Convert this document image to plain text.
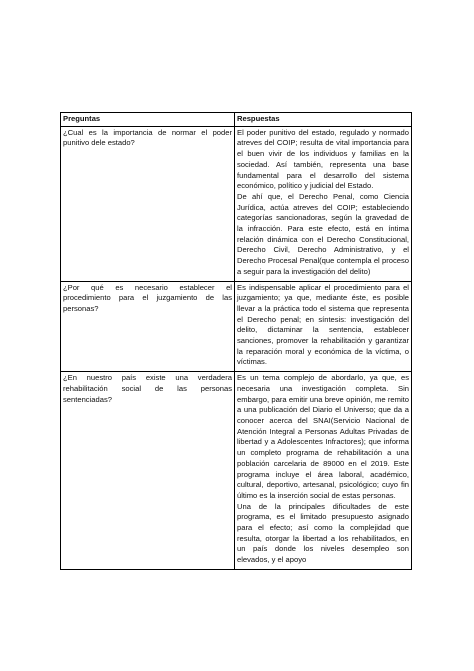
Preguntas	Respuestas
¿Cual es la importancia de normar el poder punitivo dele estado?	El poder punitivo del estado, regulado y normado atreves del COIP; resulta de vital importancia para el buen vivir de los individuos y familias en la sociedad. Así también, representa una base fundamental para el desarrollo del sistema económico, político y judicial del Estado.
De ahí que, el Derecho Penal, como Ciencia Jurídica, actúa atreves del COIP; estableciendo categorías sancionadoras, según la gravedad de la infracción. Para este efecto, está en íntima relación dinámica con el Derecho Constitucional, Derecho Civil, Derecho Administrativo, y el Derecho Procesal Penal(que contempla el proceso a seguir para la investigación del delito)

¿Por qué es necesario establecer el procedimiento para el juzgamiento de las personas?	Es indispensable aplicar el procedimiento para el juzgamiento; ya que, mediante éste, es posible llevar a la práctica todo el sistema que representa el Derecho penal; en síntesis: investigación del delito, dictaminar la sentencia, establecer sanciones, promover la rehabilitación y garantizar la reparación moral y económica de la víctima, o víctimas.

¿En nuestro país existe una verdadera rehabilitación social de las personas sentenciadas?	Es un tema complejo de abordarlo, ya que, es necesaria una investigación completa. Sin embargo, para emitir una breve opinión, me remito a una publicación del Diario el Universo; que da a conocer acerca del SNAI(Servicio Nacional de Atención Integral a Personas Adultas Privadas de libertad y a Adolescentes Infractores); que informa un completo programa de rehabilitación a una población carcelaria de 89000 en el 2019. Este programa incluye el área laboral, académico, cultural, deportivo, artesanal, psicológico; cuyo fin último es la inserción social de estas personas.
Una de la principales dificultades de este programa, es el limitado presupuesto asignado para el efecto; así como la complejidad que resulta, otorgar la libertad a los rehabilitados, en un país donde los niveles desempleo son elevados, y el apoyo
